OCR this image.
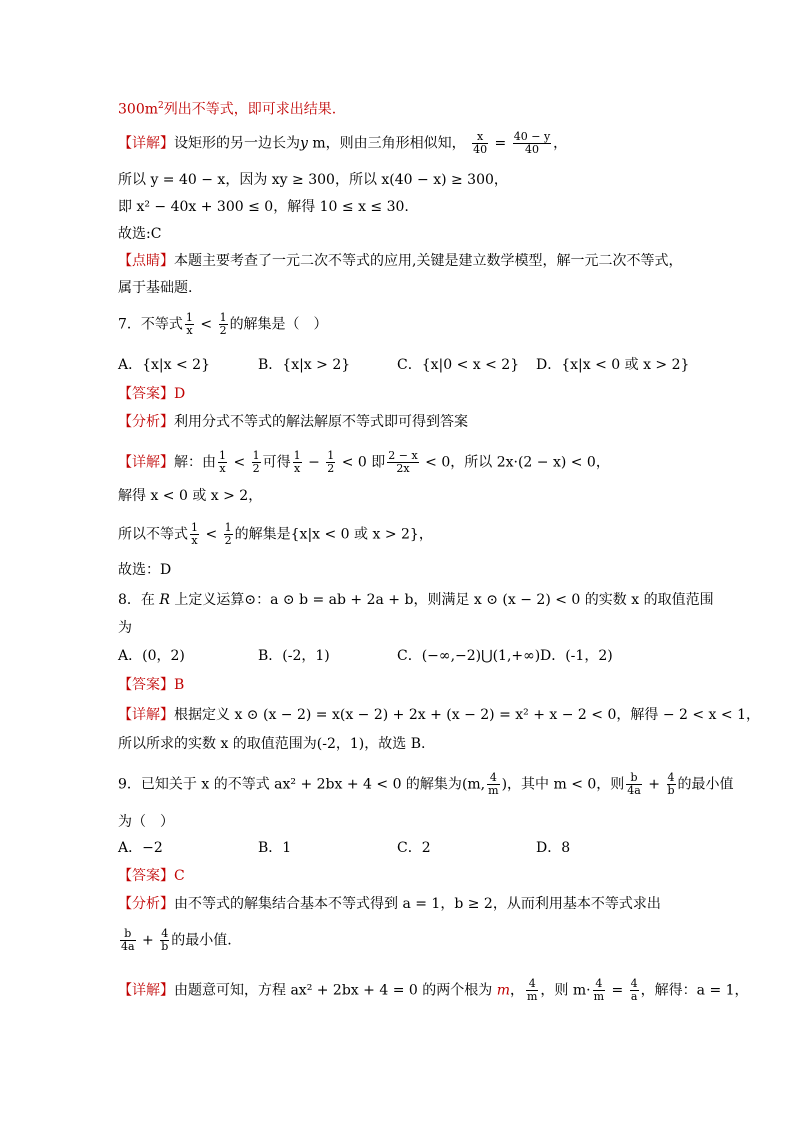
$300m^2$列出不等式，即可求出结果.
【详解】设矩形的另一边长为y m，则由三角形相似知， $\frac{x}{40} = \frac{40 - y}{40}$ ，
所以 y = 40 − x，因为 xy ≥ 300，所以 x(40 − x) ≥ 300，
即 x² − 40x + 300 ≤ 0，解得 10 ≤ x ≤ 30.
故选:C
【点睛】本题主要考查了一元二次不等式的应用,关键是建立数学模型，解一元二次不等式，
属于基础题.
7．不等式 $\frac{1}{x} < \frac{1}{2}$ 的解集是（　）
A．{x|x < 2}	B．{x|x > 2}	C．{x|0 < x < 2} D．{x|x < 0 或 x > 2}
【答案】D
【分析】利用分式不等式的解法解原不等式即可得到答案
【详解】解：由 $\frac{1}{x} < \frac{1}{2}$ 可得 $\frac{1}{x} - \frac{1}{2} < 0$ 即 $\frac{2 - x}{2x} < 0$，所以 2x·(2 − x) < 0，
解得 x < 0 或 x > 2，
所以不等式 $\frac{1}{x} < \frac{1}{2}$ 的解集是{x|x < 0 或 x > 2}，
故选：D
8．在 R 上定义运算⊙：a ⊙ b = ab + 2a + b，则满足 x ⊙ (x − 2) < 0 的实数 x 的取值范围
为
A．(0，2)	B．(-2，1)	C．(−∞,−2)⋃(1,+∞) D．(-1，2)
【答案】B
【详解】根据定义 x ⊙ (x − 2) = x(x − 2) + 2x + (x − 2) = x² + x − 2 < 0，解得 − 2 < x < 1，
所以所求的实数 x 的取值范围为(-2，1)，故选 B.
9．已知关于 x 的不等式 ax² + 2bx + 4 < 0 的解集为(m, $\frac{4}{m}$ )，其中 m < 0，则 $\frac{b}{4a} + \frac{4}{b}$ 的最小值
为（　）
A．−2	B．1	C．2	D．8
【答案】C
【分析】由不等式的解集结合基本不等式得到 a = 1，b ≥ 2，从而利用基本不等式求出
$\frac{b}{4a} + \frac{4}{b}$ 的最小值.
【详解】由题意可知，方程 ax² + 2bx + 4 = 0 的两个根为 m， $\frac{4}{m}$ ，则 $m\cdot \frac{4}{m} = \frac{4}{a}$ ，解得：a = 1，
